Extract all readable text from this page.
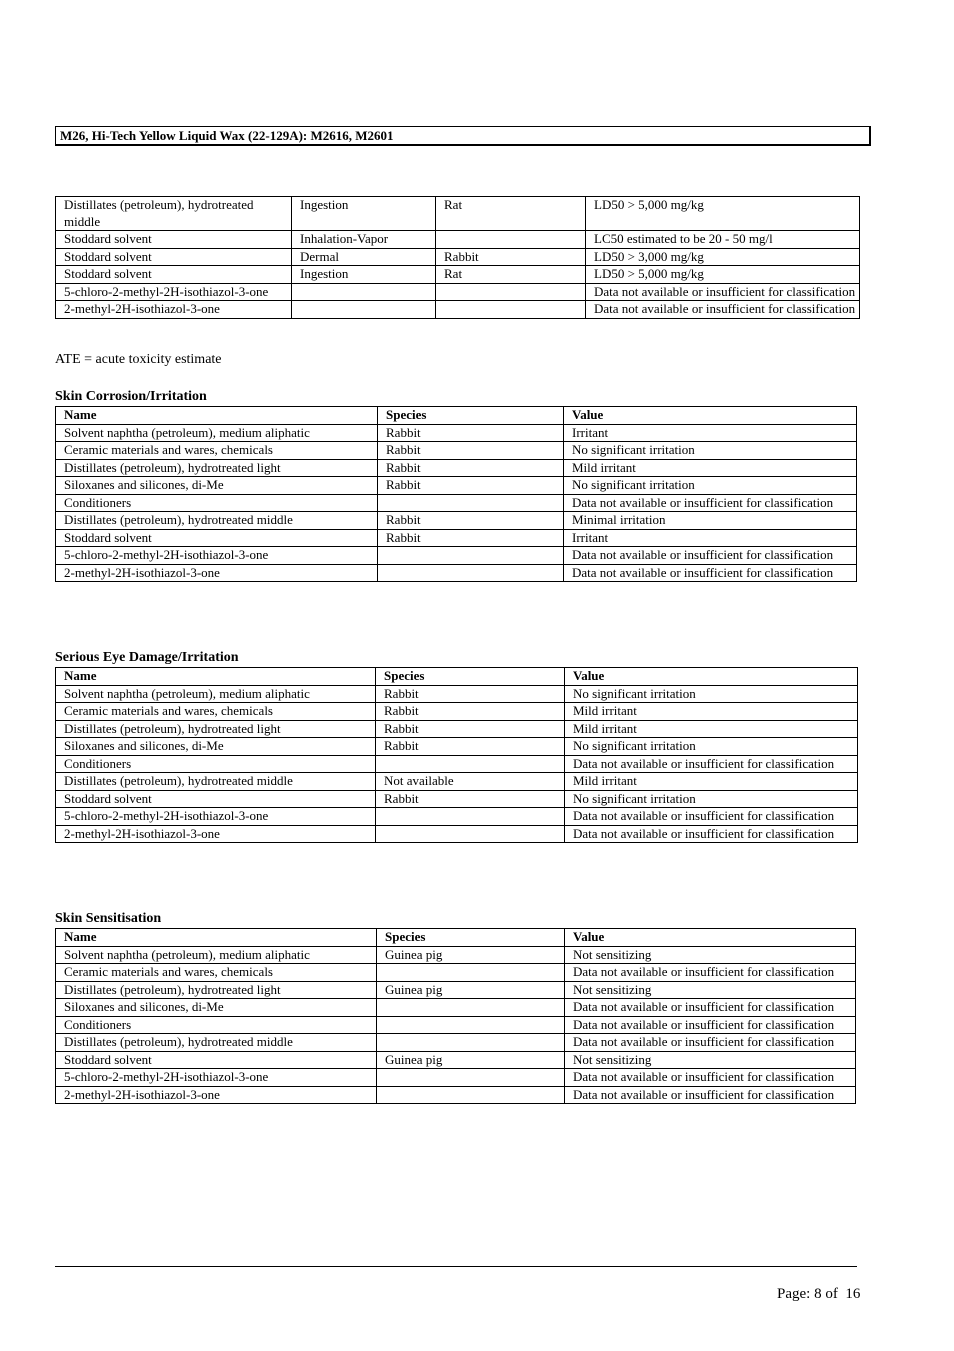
M26, Hi-Tech Yellow Liquid Wax (22-129A): M2616, M2601
Distillates (petroleum), hydrotreated middle	Ingestion	Rat	LD50 > 5,000 mg/kg
Stoddard solvent	Inhalation-Vapor		LC50 estimated to be 20 - 50 mg/l
Stoddard solvent	Dermal	Rabbit	LD50 > 3,000 mg/kg
Stoddard solvent	Ingestion	Rat	LD50 > 5,000 mg/kg
5-chloro-2-methyl-2H-isothiazol-3-one			Data not available or insufficient for classification
2-methyl-2H-isothiazol-3-one			Data not available or insufficient for classification
ATE = acute toxicity estimate
Skin Corrosion/Irritation
Name	Species	Value
Solvent naphtha (petroleum), medium aliphatic	Rabbit	Irritant
Ceramic materials and wares, chemicals	Rabbit	No significant irritation
Distillates (petroleum), hydrotreated light	Rabbit	Mild irritant
Siloxanes and silicones, di-Me	Rabbit	No significant irritation
Conditioners		Data not available or insufficient for classification
Distillates (petroleum), hydrotreated middle	Rabbit	Minimal irritation
Stoddard solvent	Rabbit	Irritant
5-chloro-2-methyl-2H-isothiazol-3-one		Data not available or insufficient for classification
2-methyl-2H-isothiazol-3-one		Data not available or insufficient for classification
Serious Eye Damage/Irritation
Name	Species	Value
Solvent naphtha (petroleum), medium aliphatic	Rabbit	No significant irritation
Ceramic materials and wares, chemicals	Rabbit	Mild irritant
Distillates (petroleum), hydrotreated light	Rabbit	Mild irritant
Siloxanes and silicones, di-Me	Rabbit	No significant irritation
Conditioners		Data not available or insufficient for classification
Distillates (petroleum), hydrotreated middle	Not available	Mild irritant
Stoddard solvent	Rabbit	No significant irritation
5-chloro-2-methyl-2H-isothiazol-3-one		Data not available or insufficient for classification
2-methyl-2H-isothiazol-3-one		Data not available or insufficient for classification
Skin Sensitisation
Name	Species	Value
Solvent naphtha (petroleum), medium aliphatic	Guinea pig	Not sensitizing
Ceramic materials and wares, chemicals		Data not available or insufficient for classification
Distillates (petroleum), hydrotreated light	Guinea pig	Not sensitizing
Siloxanes and silicones, di-Me		Data not available or insufficient for classification
Conditioners		Data not available or insufficient for classification
Distillates (petroleum), hydrotreated middle		Data not available or insufficient for classification
Stoddard solvent	Guinea pig	Not sensitizing
5-chloro-2-methyl-2H-isothiazol-3-one		Data not available or insufficient for classification
2-methyl-2H-isothiazol-3-one		Data not available or insufficient for classification
Page: 8 of  16
